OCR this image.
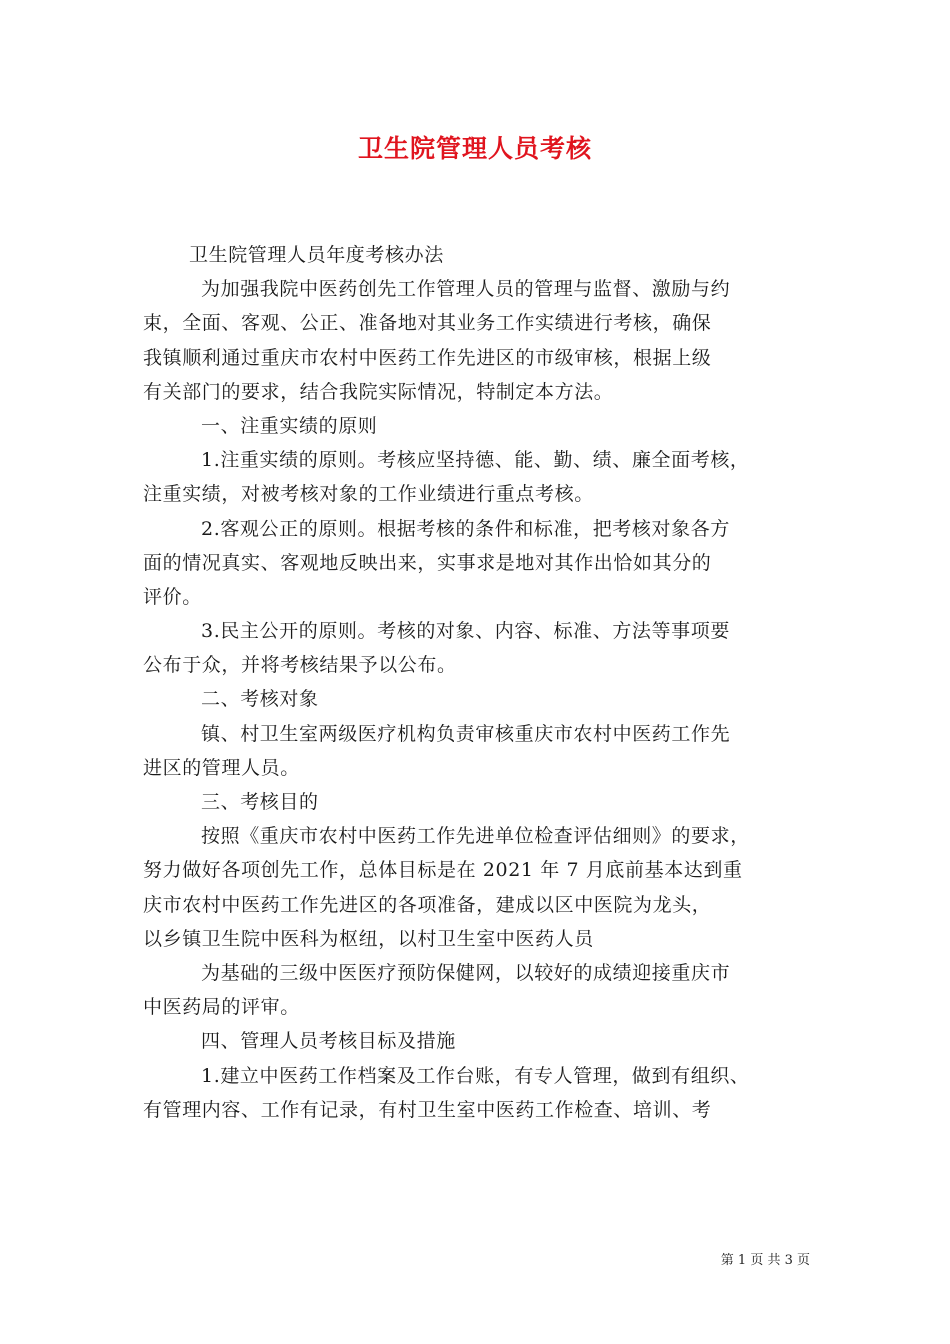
卫生院管理人员考核
卫生院管理人员年度考核办法
为加强我院中医药创先工作管理人员的管理与监督、激励与约
束，全面、客观、公正、准备地对其业务工作实绩进行考核，确保
我镇顺利通过重庆市农村中医药工作先进区的市级审核，根据上级
有关部门的要求，结合我院实际情况，特制定本方法。
一、注重实绩的原则
1.注重实绩的原则。考核应坚持德、能、勤、绩、廉全面考核，
注重实绩，对被考核对象的工作业绩进行重点考核。
2.客观公正的原则。根据考核的条件和标准，把考核对象各方
面的情况真实、客观地反映出来，实事求是地对其作出恰如其分的
评价。
3.民主公开的原则。考核的对象、内容、标准、方法等事项要
公布于众，并将考核结果予以公布。
二、考核对象
镇、村卫生室两级医疗机构负责审核重庆市农村中医药工作先
进区的管理人员。
三、考核目的
按照《重庆市农村中医药工作先进单位检查评估细则》的要求，
努力做好各项创先工作，总体目标是在 2021 年 7 月底前基本达到重
庆市农村中医药工作先进区的各项准备，建成以区中医院为龙头，
以乡镇卫生院中医科为枢纽，以村卫生室中医药人员
为基础的三级中医医疗预防保健网，以较好的成绩迎接重庆市
中医药局的评审。
四、管理人员考核目标及措施
1.建立中医药工作档案及工作台账，有专人管理，做到有组织、
有管理内容、工作有记录，有村卫生室中医药工作检查、培训、考
第 1 页 共 3 页
